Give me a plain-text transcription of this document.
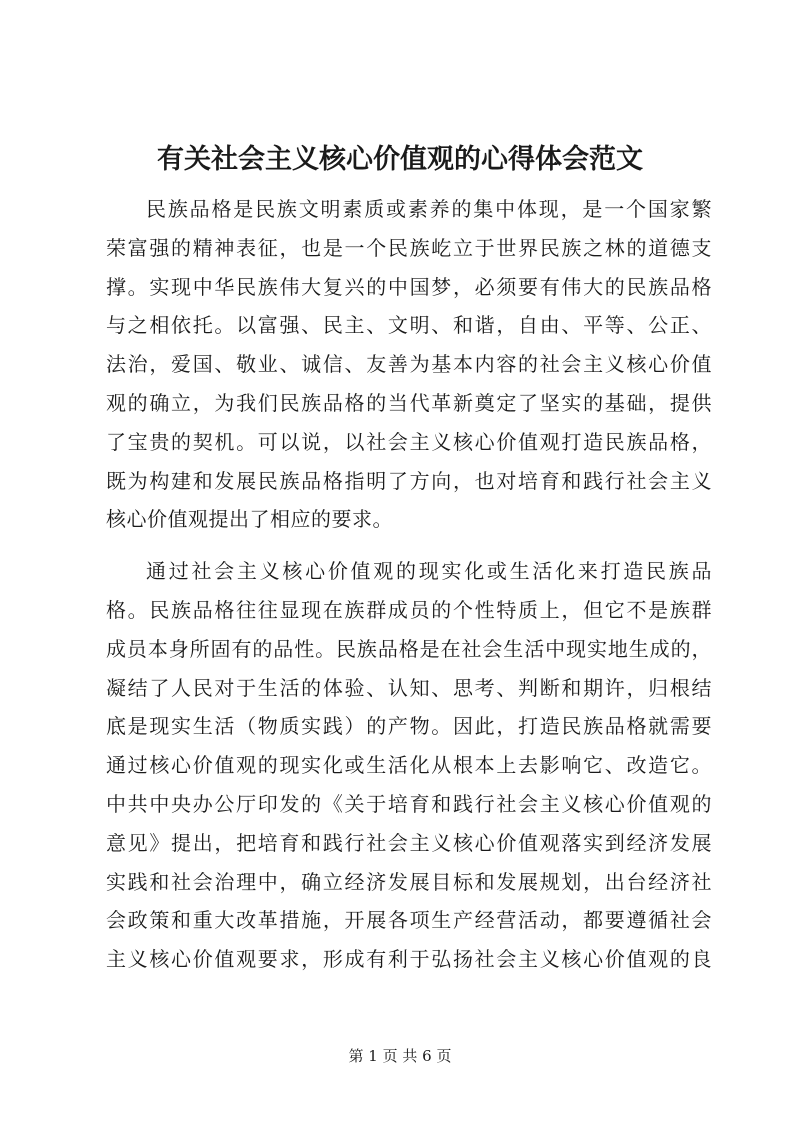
有关社会主义核心价值观的心得体会范文
民族品格是民族文明素质或素养的集中体现，是一个国家繁
荣富强的精神表征，也是一个民族屹立于世界民族之林的道德支
撑。实现中华民族伟大复兴的中国梦，必须要有伟大的民族品格
与之相依托。以富强、民主、文明、和谐，自由、平等、公正、
法治，爱国、敬业、诚信、友善为基本内容的社会主义核心价值
观的确立，为我们民族品格的当代革新奠定了坚实的基础，提供
了宝贵的契机。可以说，以社会主义核心价值观打造民族品格，
既为构建和发展民族品格指明了方向，也对培育和践行社会主义
核心价值观提出了相应的要求。
通过社会主义核心价值观的现实化或生活化来打造民族品
格。民族品格往往显现在族群成员的个性特质上，但它不是族群
成员本身所固有的品性。民族品格是在社会生活中现实地生成的，
凝结了人民对于生活的体验、认知、思考、判断和期许，归根结
底是现实生活（物质实践）的产物。因此，打造民族品格就需要
通过核心价值观的现实化或生活化从根本上去影响它、改造它。
中共中央办公厅印发的《关于培育和践行社会主义核心价值观的
意见》提出，把培育和践行社会主义核心价值观落实到经济发展
实践和社会治理中，确立经济发展目标和发展规划，出台经济社
会政策和重大改革措施，开展各项生产经营活动，都要遵循社会
主义核心价值观要求，形成有利于弘扬社会主义核心价值观的良
第 1 页 共 6 页
